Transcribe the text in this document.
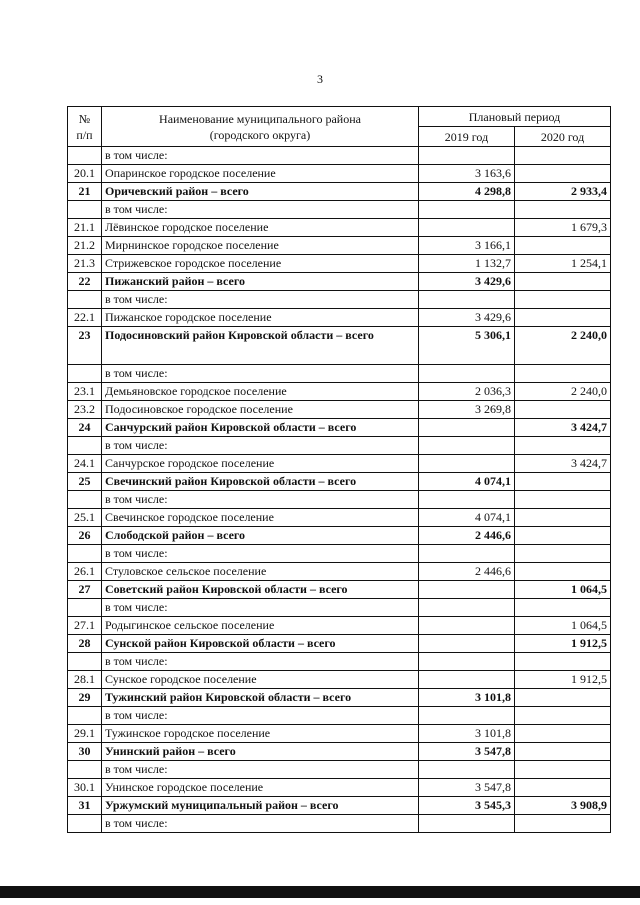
3
№
п/п	Наименование муниципального района
(городского округа)	Плановый период	
		2019 год	2020 год
	в том числе:		
20.1	Опаринское городское поселение	3 163,6	
21	Оричевский район – всего	4 298,8	2 933,4
	в том числе:		
21.1	Лёвинское городское поселение		1 679,3
21.2	Мирнинское городское поселение	3 166,1	
21.3	Стрижевское городское поселение	1 132,7	1 254,1
22	Пижанский район – всего	3 429,6	
	в том числе:		
22.1	Пижанское городское поселение	3 429,6	
23	Подосиновский район Кировской области – всего	5 306,1	2 240,0
	в том числе:		
23.1	Демьяновское городское поселение	2 036,3	2 240,0
23.2	Подосиновское городское поселение	3 269,8	
24	Санчурский район Кировской области – всего		3 424,7
	в том числе:		
24.1	Санчурское городское поселение		3 424,7
25	Свечинский район Кировской области – всего	4 074,1	
	в том числе:		
25.1	Свечинское городское поселение	4 074,1	
26	Слободской район – всего	2 446,6	
	в том числе:		
26.1	Стуловское сельское поселение	2 446,6	
27	Советский район Кировской области – всего		1 064,5
	в том числе:		
27.1	Родыгинское сельское поселение		1 064,5
28	Сунской район Кировской области – всего		1 912,5
	в том числе:		
28.1	Сунское городское поселение		1 912,5
29	Тужинский район Кировской области – всего	3 101,8	
	в том числе:		
29.1	Тужинское городское поселение	3 101,8	
30	Унинский район – всего	3 547,8	
	в том числе:		
30.1	Унинское городское поселение	3 547,8	
31	Уржумский муниципальный район – всего	3 545,3	3 908,9
	в том числе:		
